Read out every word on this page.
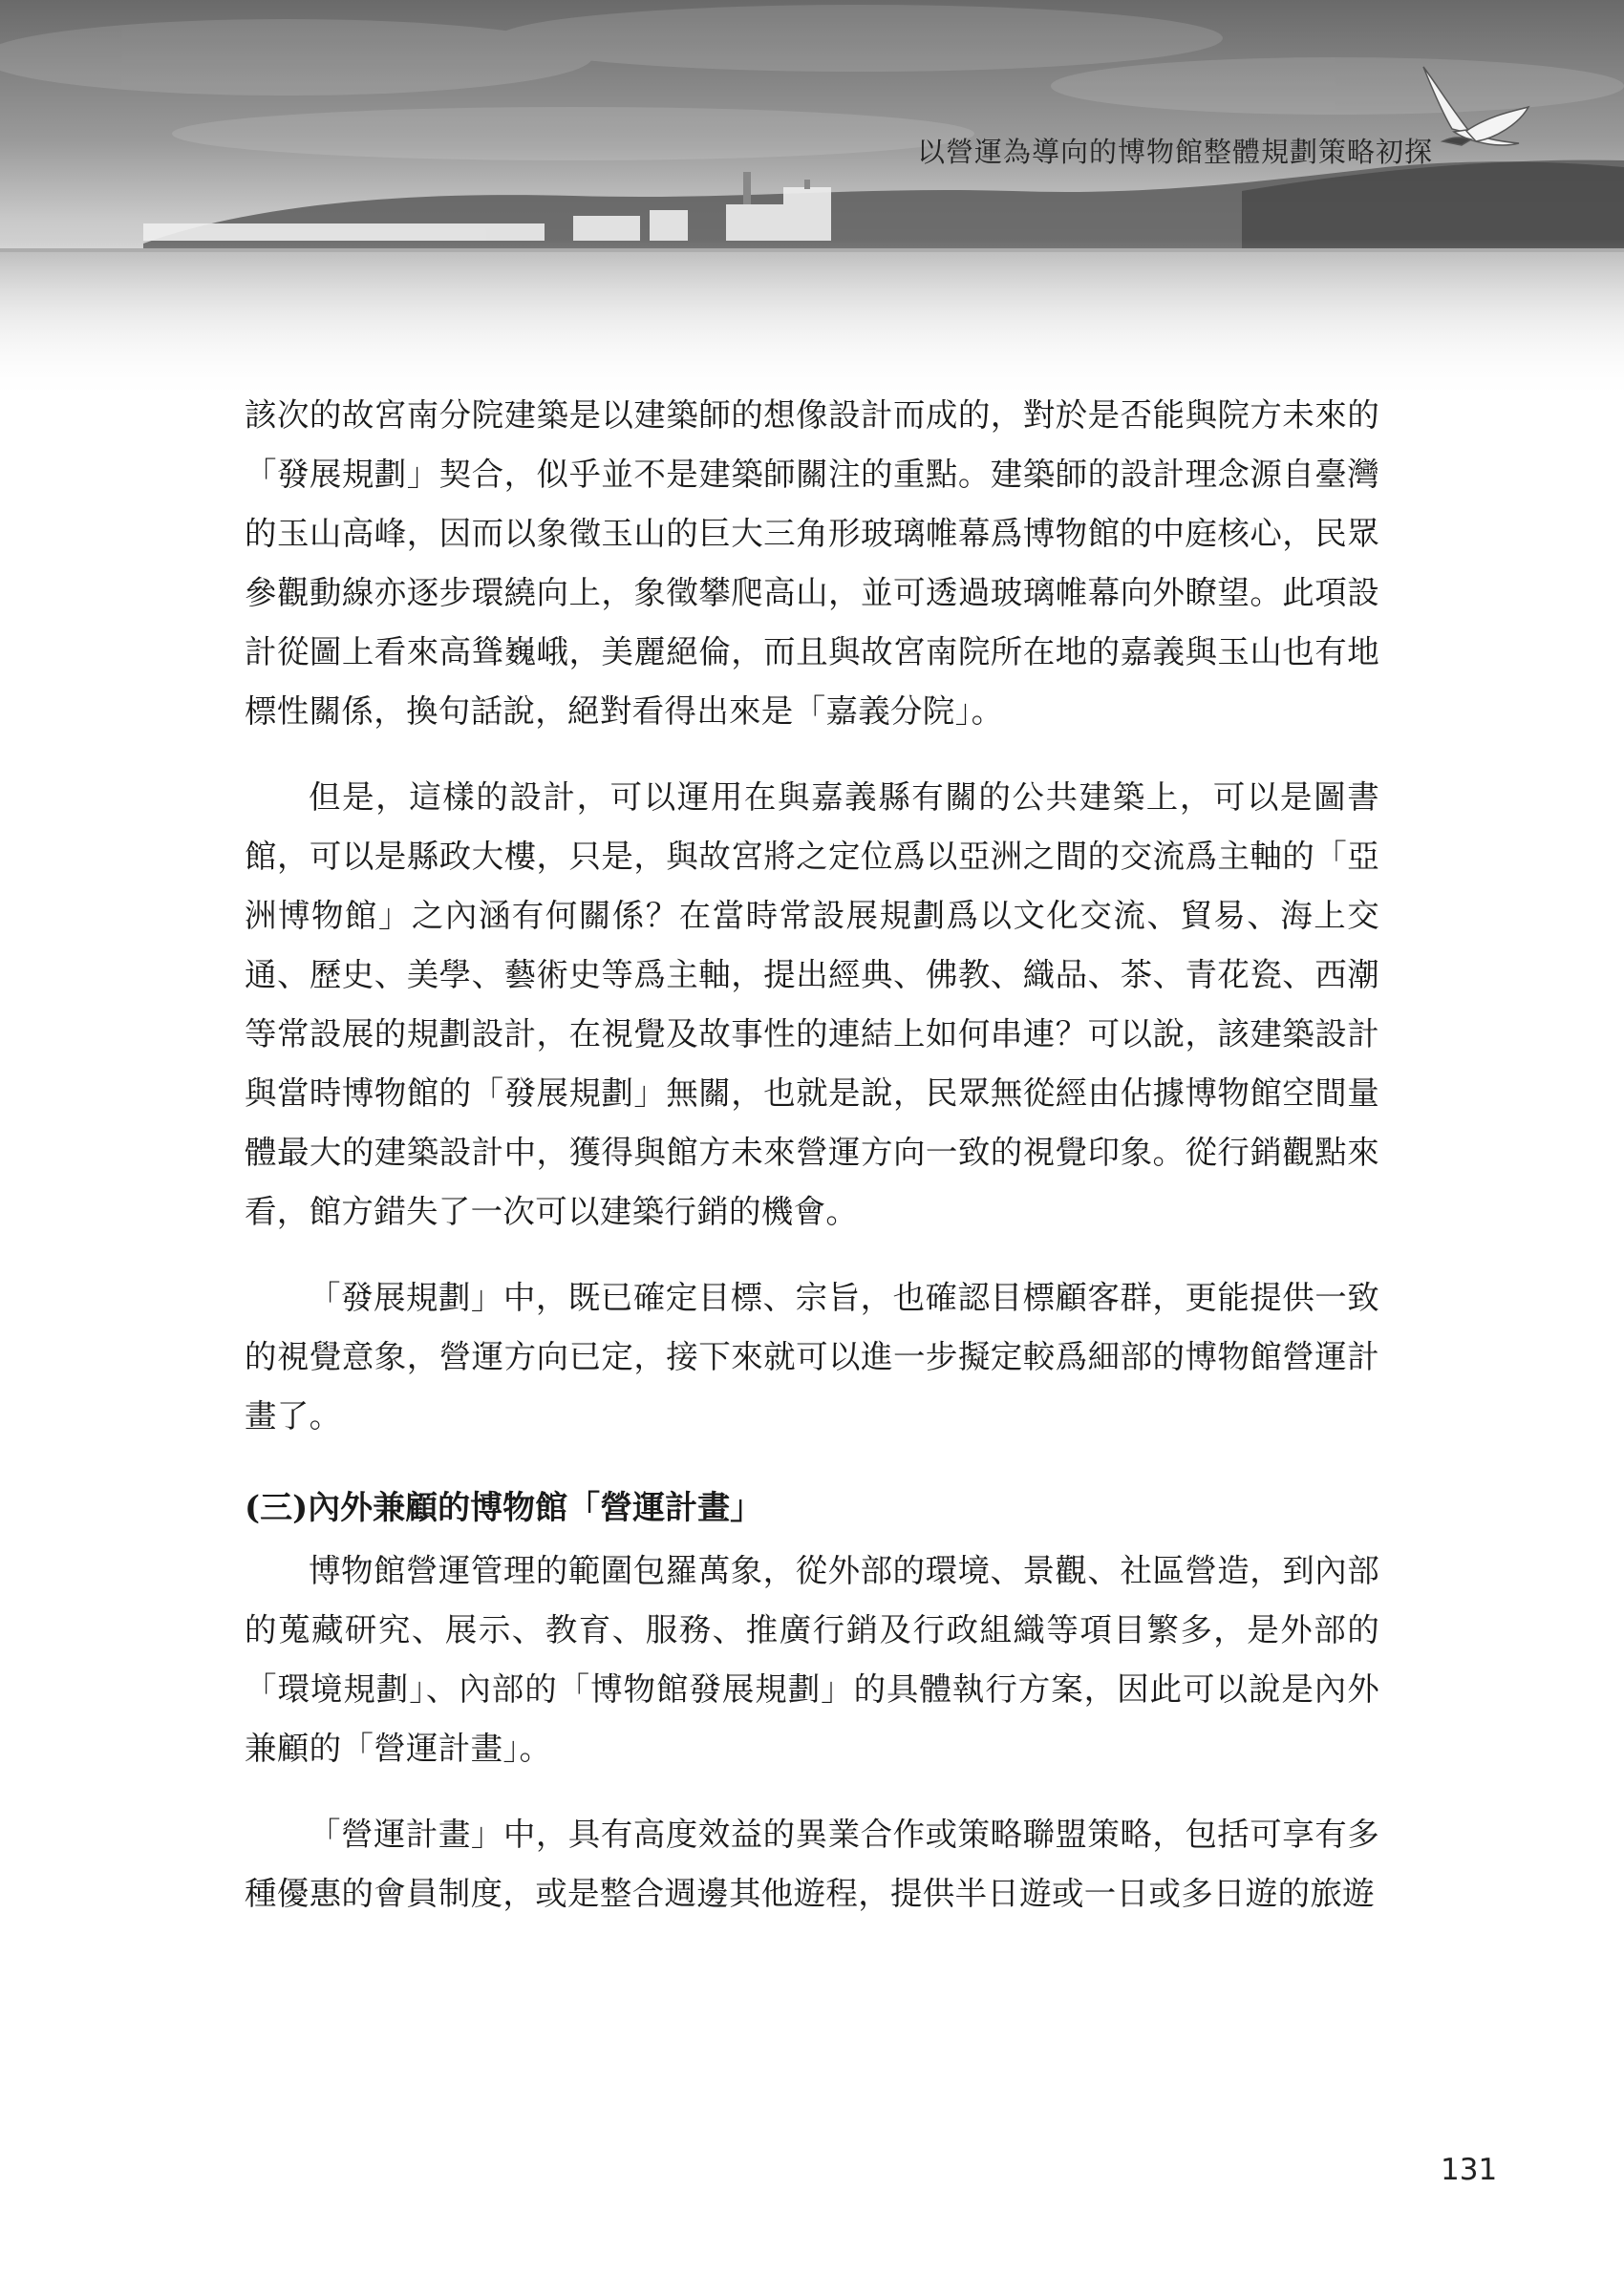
以營運為導向的博物館整體規劃策略初探

該次的故宮南分院建築是以建築師的想像設計而成的，對於是否能與院方未來的「發展規劃」契合，似乎並不是建築師關注的重點。建築師的設計理念源自臺灣的玉山高峰，因而以象徵玉山的巨大三角形玻璃帷幕爲博物館的中庭核心，民眾參觀動線亦逐步環繞向上，象徵攀爬高山，並可透過玻璃帷幕向外瞭望。此項設計從圖上看來高聳巍峨，美麗絕倫，而且與故宮南院所在地的嘉義與玉山也有地標性關係，換句話說，絕對看得出來是「嘉義分院」。

但是，這樣的設計，可以運用在與嘉義縣有關的公共建築上，可以是圖書館，可以是縣政大樓，只是，與故宮將之定位爲以亞洲之間的交流爲主軸的「亞洲博物館」之內涵有何關係？在當時常設展規劃爲以文化交流、貿易、海上交通、歷史、美學、藝術史等爲主軸，提出經典、佛教、織品、茶、青花瓷、西潮等常設展的規劃設計，在視覺及故事性的連結上如何串連？可以說，該建築設計與當時博物館的「發展規劃」無關，也就是說，民眾無從經由佔據博物館空間量體最大的建築設計中，獲得與館方未來營運方向一致的視覺印象。從行銷觀點來看，館方錯失了一次可以建築行銷的機會。

「發展規劃」中，既已確定目標、宗旨，也確認目標顧客群，更能提供一致的視覺意象，營運方向已定，接下來就可以進一步擬定較爲細部的博物館營運計畫了。

(三)內外兼顧的博物館「營運計畫」

博物館營運管理的範圍包羅萬象，從外部的環境、景觀、社區營造，到內部的蒐藏研究、展示、教育、服務、推廣行銷及行政組織等項目繁多，是外部的「環境規劃」、內部的「博物館發展規劃」的具體執行方案，因此可以說是內外兼顧的「營運計畫」。

「營運計畫」中，具有高度效益的異業合作或策略聯盟策略，包括可享有多種優惠的會員制度，或是整合週邊其他遊程，提供半日遊或一日或多日遊的旅遊

131
